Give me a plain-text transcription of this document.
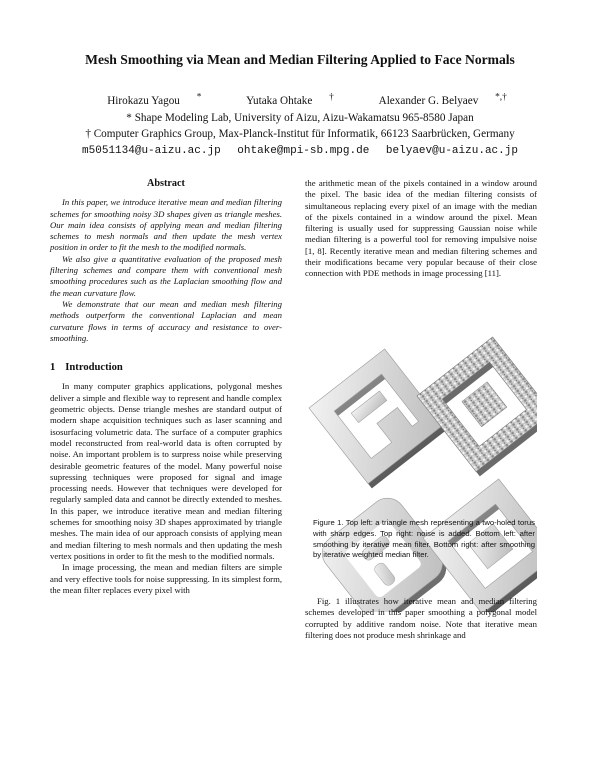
Mesh Smoothing via Mean and Median Filtering Applied to Face Normals
Hirokazu Yagou *	Yutaka Ohtake †	Alexander G. Belyaev *,†
* Shape Modeling Lab, University of Aizu, Aizu-Wakamatsu 965-8580 Japan
† Computer Graphics Group, Max-Planck-Institut für Informatik, 66123 Saarbrücken, Germany
m5051134@u-aizu.ac.jp ohtake@mpi-sb.mpg.de belyaev@u-aizu.ac.jp
Abstract

In this paper, we introduce iterative mean and median filtering schemes for smoothing noisy 3D shapes given as triangle meshes. Our main idea consists of applying mean and median filtering schemes to mesh normals and then update the mesh vertex position in order to fit the mesh to the modified normals.

We also give a quantitative evaluation of the proposed mesh filtering schemes and compare them with conventional mesh smoothing procedures such as the Laplacian smoothing flow and the mean curvature flow.

We demonstrate that our mean and median mesh filtering methods outperform the conventional Laplacian and mean curvature flows in terms of accuracy and resistance to over-smoothing.

1 Introduction

In many computer graphics applications, polygonal meshes deliver a simple and flexible way to represent and handle complex geometric objects. Dense triangle meshes are standard output of modern shape acquisition techniques such as laser scanning and isosurfacing volumetric data. The surface of a computer graphics model reconstructed from real-world data is often corrupted by noise. An important problem is to surpress noise while preserving desirable geometric features of the model. Many powerful noise supressing techniques were proposed for signal and image processing needs. However that techniques were developed for regularly sampled data and cannot be directly extended to meshes. In this paper, we introduce iterative mean and median filtering schemes for smoothing noisy 3D shapes approximated by triangle meshes. The main idea of our approach consists of applying mean and median filtering to mesh normals and then updating the mesh vertex positions in order to fit the mesh to the modified normals.

In image processing, the mean and median filters are simple and very effective tools for noise suppressing. In its simplest form, the mean filter replaces every pixel with

the arithmetic mean of the pixels contained in a window around the pixel. The basic idea of the median filtering consists of simultaneous replacing every pixel of an image with the median of the pixels contained in a window around the pixel. Mean filtering is usually used for suppressing Gaussian noise while median filtering is a powerful tool for removing impulsive noise [1, 8]. Recently iterative mean and median filtering schemes and their modifications became very popular because of their close connection with PDE methods in image processing [11].

Figure 1. Top left: a triangle mesh representing a two-holed torus with sharp edges. Top right: noise is added. Bottom left: after smoothing by iterative mean filter. Bottom right: after smoothing by iterative weighted median filter.

Fig. 1 illustrates how iterative mean and median filtering schemes developed in this paper smoothing a polygonal model corrupted by additive random noise. Note that iterative mean filtering does not produce mesh shrinkage and
